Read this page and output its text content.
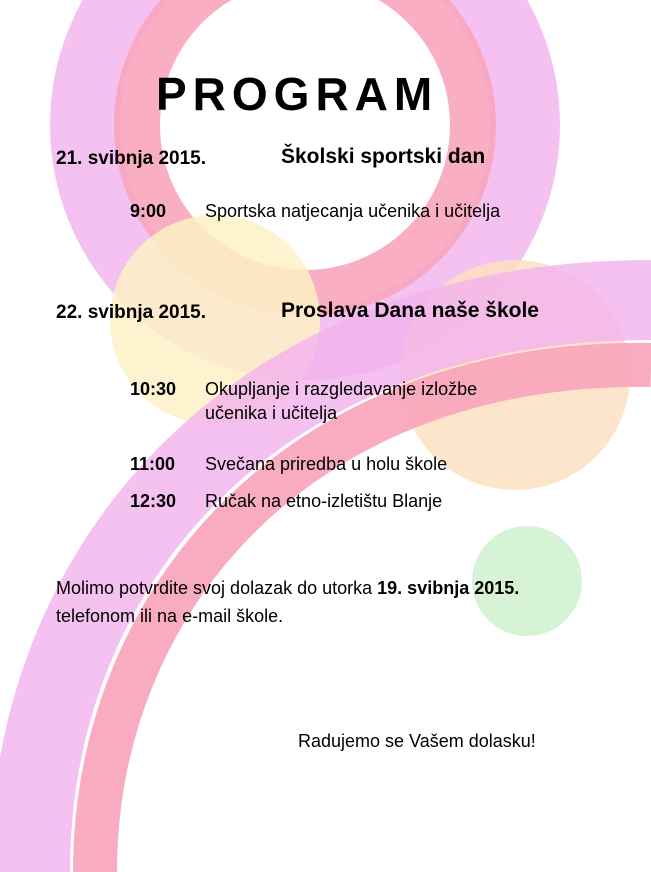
PROGRAM
21. svibnja 2015.	Školski sportski dan
9:00 Sportska natjecanja učenika i učitelja
22. svibnja 2015.	Proslava Dana naše škole
10:30 Okupljanje i razgledavanje izložbe učenika i učitelja
11:00 Svečana priredba u holu škole
12:30 Ručak na etno-izletištu Blanje
Molimo potvrdite svoj dolazak do utorka 19. svibnja 2015.
telefonom ili na e-mail škole.
Radujemo se Vašem dolasku!
